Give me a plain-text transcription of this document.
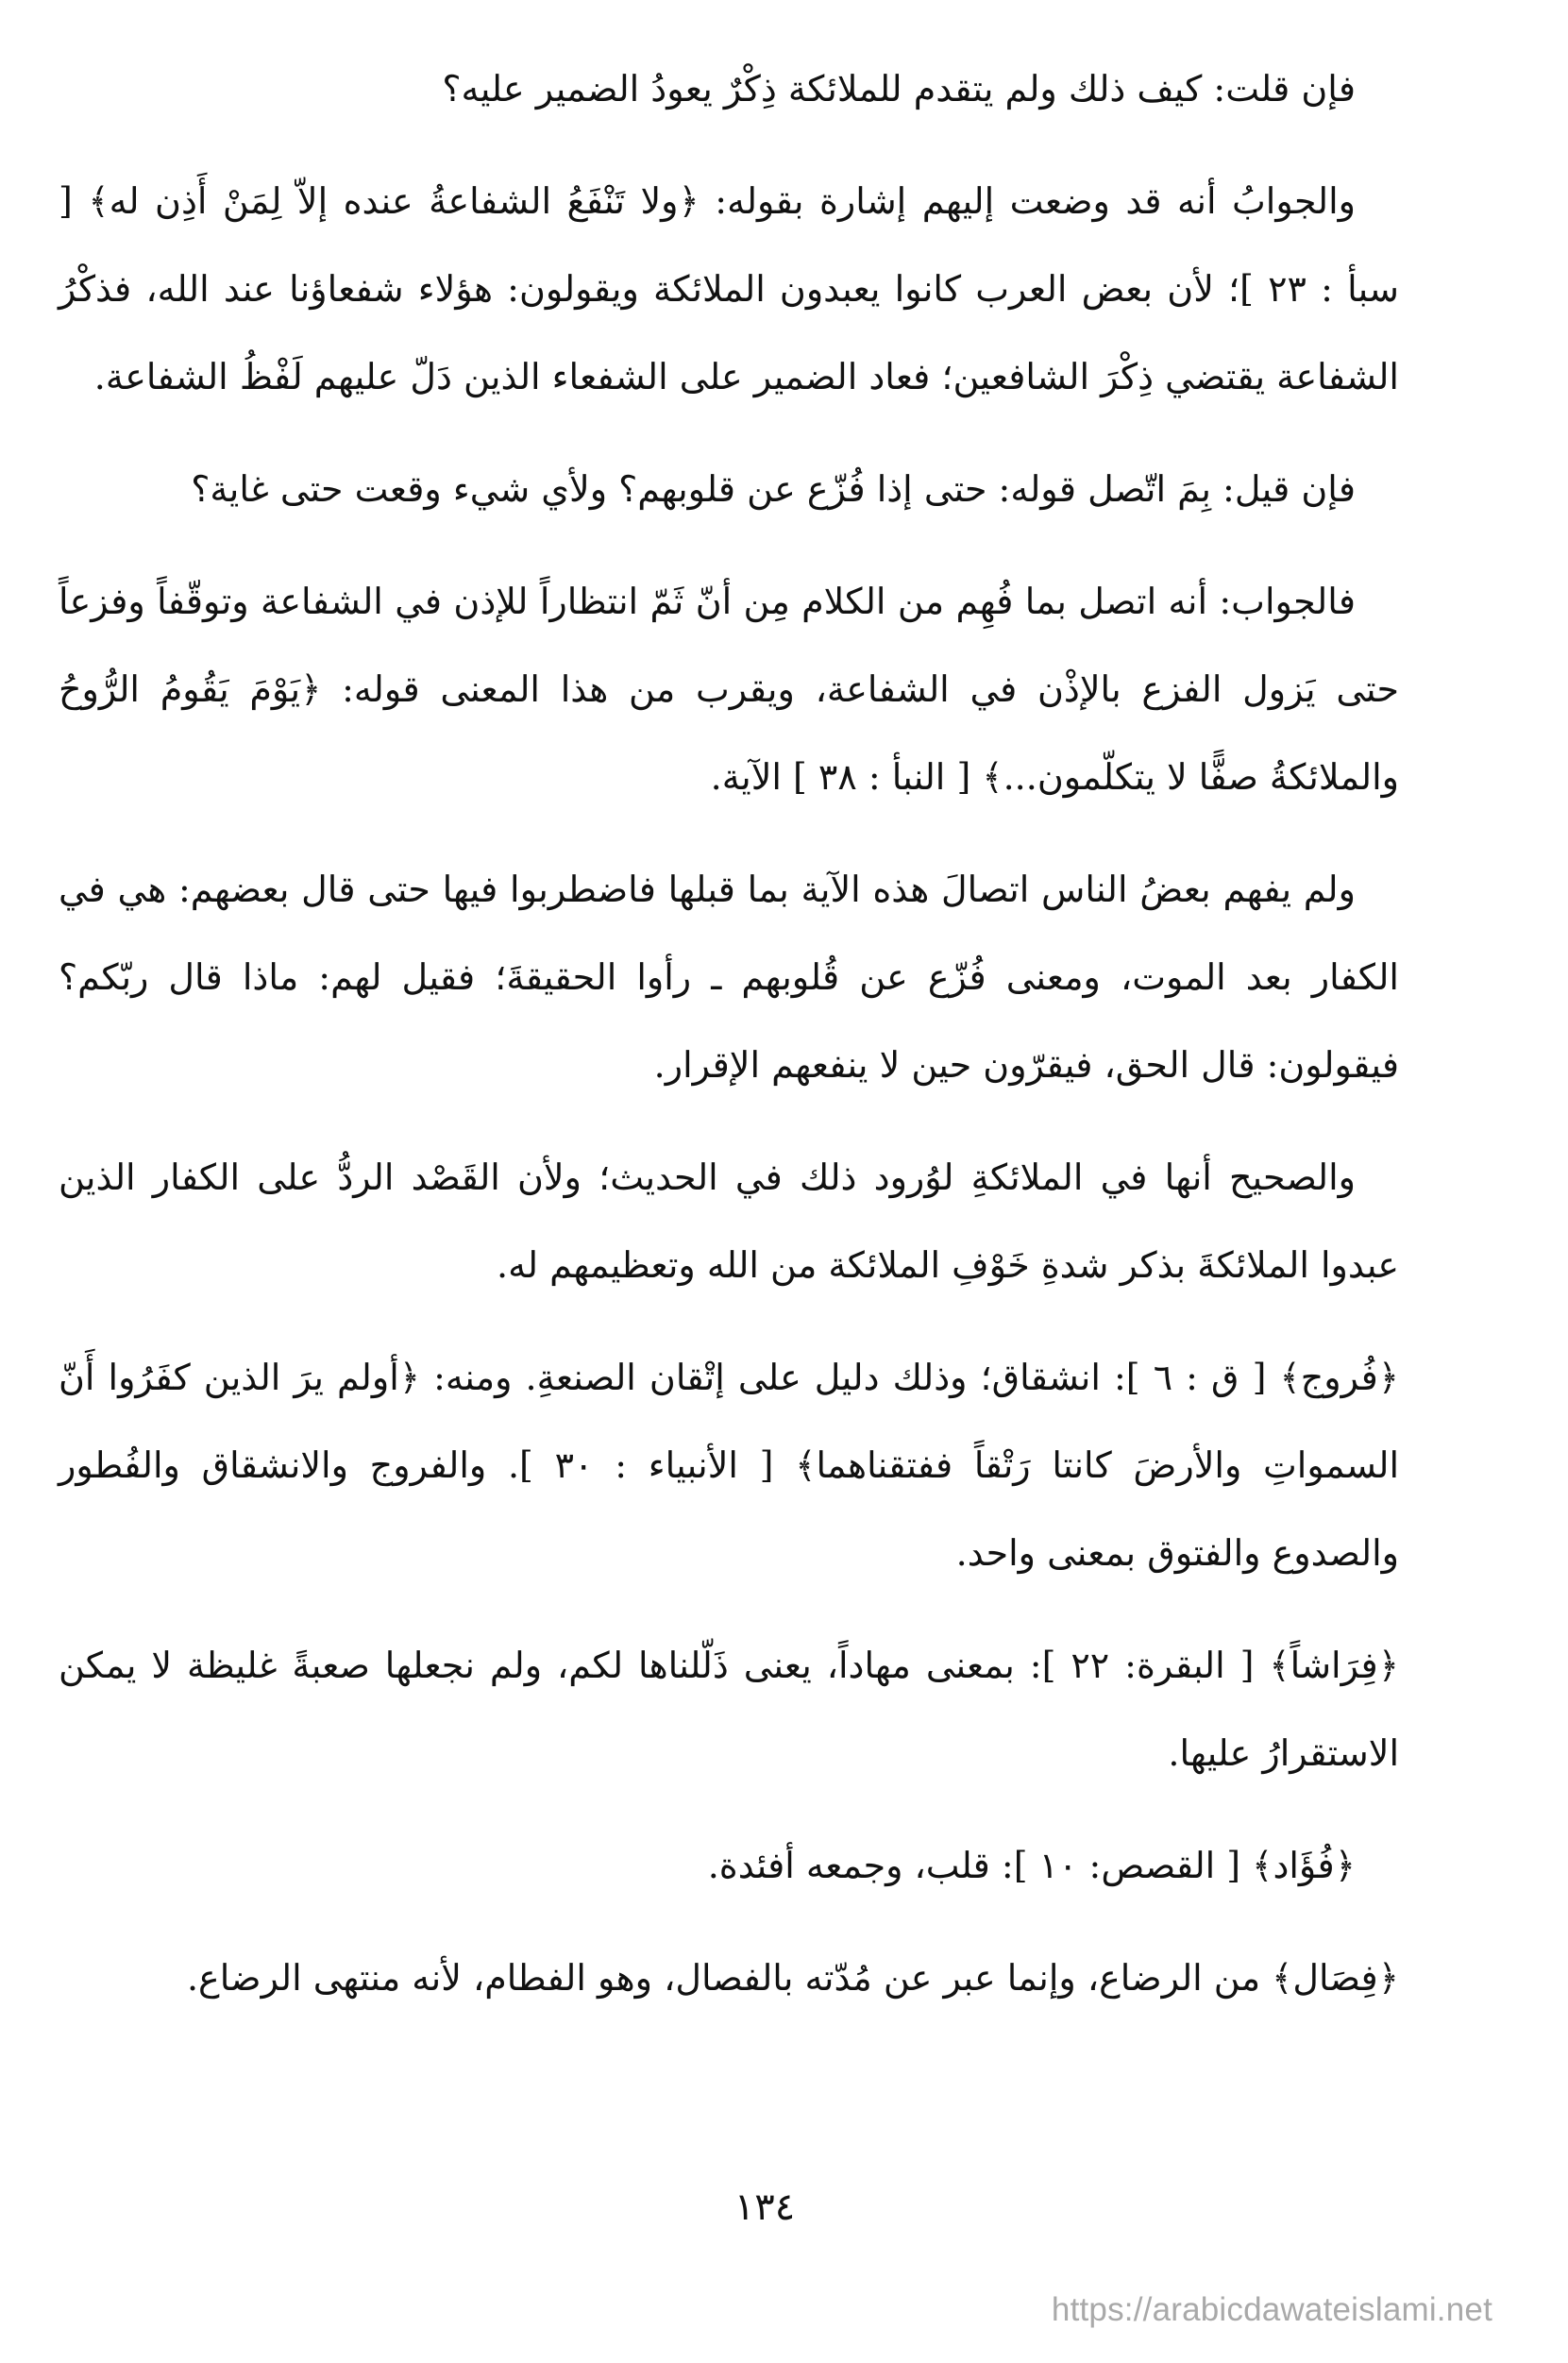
فإن قلت: كيف ذلك ولم يتقدم للملائكة ذِكْرٌ يعودُ الضمير عليه؟

والجوابُ أنه قد وضعت إليهم إشارة بقوله: ﴿ولا تَنْفَعُ الشفاعةُ عنده إلاّ لِمَنْ أَذِن له﴾ [ سبأ : ٢٣ ]؛ لأن بعض العرب كانوا يعبدون الملائكة ويقولون: هؤلاء شفعاؤنا عند الله، فذكْرُ الشفاعة يقتضي ذِكْرَ الشافعين؛ فعاد الضمير على الشفعاء الذين دَلّ عليهم لَفْظُ الشفاعة.

فإن قيل: بِمَ اتّصل قوله: حتى إذا فُزّع عن قلوبهم؟ ولأي شيء وقعت حتى غاية؟

فالجواب: أنه اتصل بما فُهِم من الكلام مِن أنّ ثَمّ انتظاراً للإذن في الشفاعة وتوقّفاً وفزعاً حتى يَزول الفزع بالإذْن في الشفاعة، ويقرب من هذا المعنى قوله: ﴿يَوْمَ يَقُومُ الرُّوحُ والملائكةُ صفًّا لا يتكلّمون...﴾ [ النبأ : ٣٨ ] الآية.

ولم يفهم بعضُ الناس اتصالَ هذه الآية بما قبلها فاضطربوا فيها حتى قال بعضهم: هي في الكفار بعد الموت، ومعنى فُزّع عن قُلوبهم ـ رأوا الحقيقةَ؛ فقيل لهم: ماذا قال ربّكم؟ فيقولون: قال الحق، فيقرّون حين لا ينفعهم الإقرار.

والصحيح أنها في الملائكةِ لوُرود ذلك في الحديث؛ ولأن القَصْد الردُّ على الكفار الذين عبدوا الملائكةَ بذكر شدةِ خَوْفِ الملائكة من الله وتعظيمهم له.

﴿فُروج﴾ [ ق : ٦ ]: انشقاق؛ وذلك دليل على إتْقان الصنعةِ. ومنه: ﴿أولم يرَ الذين كفَرُوا أَنّ السمواتِ والأرضَ كانتا رَتْقاً ففتقناهما﴾ [ الأنبياء : ٣٠ ]. والفروج والانشقاق والفُطور والصدوع والفتوق بمعنى واحد.

﴿فِرَاشاً﴾ [ البقرة: ٢٢ ]: بمعنى مهاداً، يعنى ذَلّلناها لكم، ولم نجعلها صعبةً غليظة لا يمكن الاستقرارُ عليها.

﴿فُؤَاد﴾ [ القصص: ١٠ ]: قلب، وجمعه أفئدة.

﴿فِصَال﴾ من الرضاع، وإنما عبر عن مُدّته بالفصال، وهو الفطام، لأنه منتهى الرضاع.

١٣٤
https://arabicdawateislami.net
